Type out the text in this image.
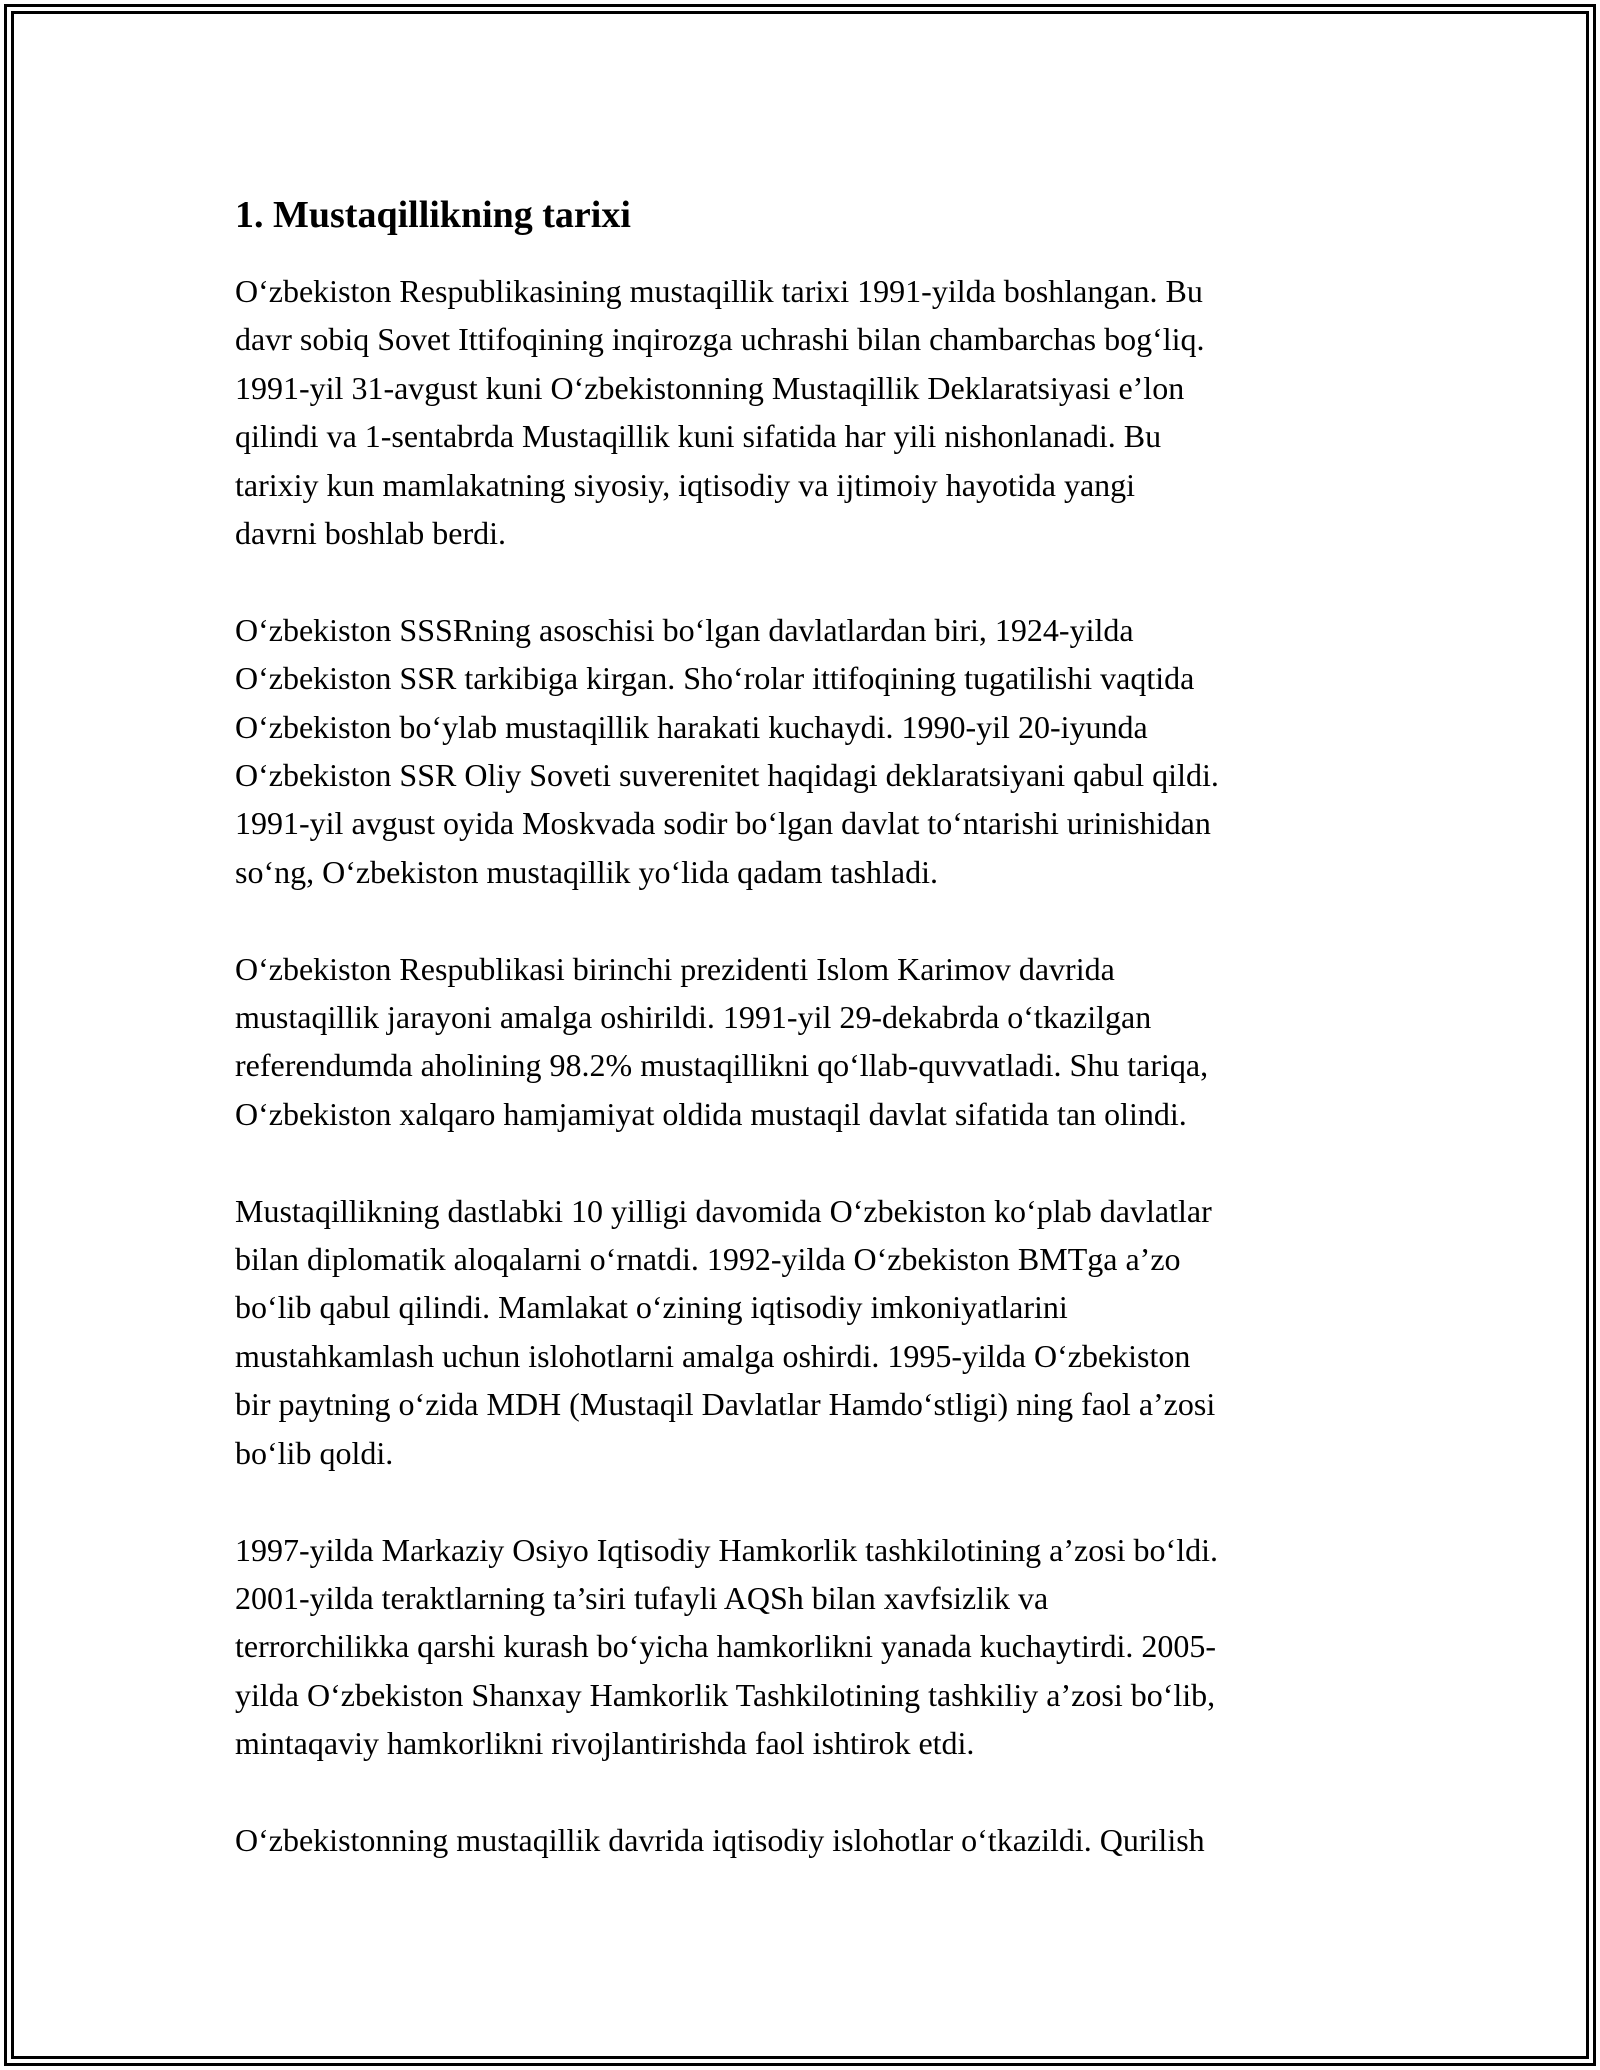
1. Mustaqillikning tarixi
O‘zbekiston Respublikasining mustaqillik tarixi 1991-yilda boshlangan. Bu
davr sobiq Sovet Ittifoqining inqirozga uchrashi bilan chambarchas bog‘liq.
1991-yil 31-avgust kuni O‘zbekistonning Mustaqillik Deklaratsiyasi e’lon
qilindi va 1-sentabrda Mustaqillik kuni sifatida har yili nishonlanadi. Bu
tarixiy kun mamlakatning siyosiy, iqtisodiy va ijtimoiy hayotida yangi
davrni boshlab berdi.
O‘zbekiston SSSRning asoschisi bo‘lgan davlatlardan biri, 1924-yilda
O‘zbekiston SSR tarkibiga kirgan. Sho‘rolar ittifoqining tugatilishi vaqtida
O‘zbekiston bo‘ylab mustaqillik harakati kuchaydi. 1990-yil 20-iyunda
O‘zbekiston SSR Oliy Soveti suverenitet haqidagi deklaratsiyani qabul qildi.
1991-yil avgust oyida Moskvada sodir bo‘lgan davlat to‘ntarishi urinishidan
so‘ng, O‘zbekiston mustaqillik yo‘lida qadam tashladi.
O‘zbekiston Respublikasi birinchi prezidenti Islom Karimov davrida
mustaqillik jarayoni amalga oshirildi. 1991-yil 29-dekabrda o‘tkazilgan
referendumda aholining 98.2% mustaqillikni qo‘llab-quvvatladi. Shu tariqa,
O‘zbekiston xalqaro hamjamiyat oldida mustaqil davlat sifatida tan olindi.
Mustaqillikning dastlabki 10 yilligi davomida O‘zbekiston ko‘plab davlatlar
bilan diplomatik aloqalarni o‘rnatdi. 1992-yilda O‘zbekiston BMTga a’zo
bo‘lib qabul qilindi. Mamlakat o‘zining iqtisodiy imkoniyatlarini
mustahkamlash uchun islohotlarni amalga oshirdi. 1995-yilda O‘zbekiston
bir paytning o‘zida MDH (Mustaqil Davlatlar Hamdo‘stligi) ning faol a’zosi
bo‘lib qoldi.
1997-yilda Markaziy Osiyo Iqtisodiy Hamkorlik tashkilotining a’zosi bo‘ldi.
2001-yilda teraktlarning ta’siri tufayli AQSh bilan xavfsizlik va
terrorchilikka qarshi kurash bo‘yicha hamkorlikni yanada kuchaytirdi. 2005-
yilda O‘zbekiston Shanxay Hamkorlik Tashkilotining tashkiliy a’zosi bo‘lib,
mintaqaviy hamkorlikni rivojlantirishda faol ishtirok etdi.
O‘zbekistonning mustaqillik davrida iqtisodiy islohotlar o‘tkazildi. Qurilish
